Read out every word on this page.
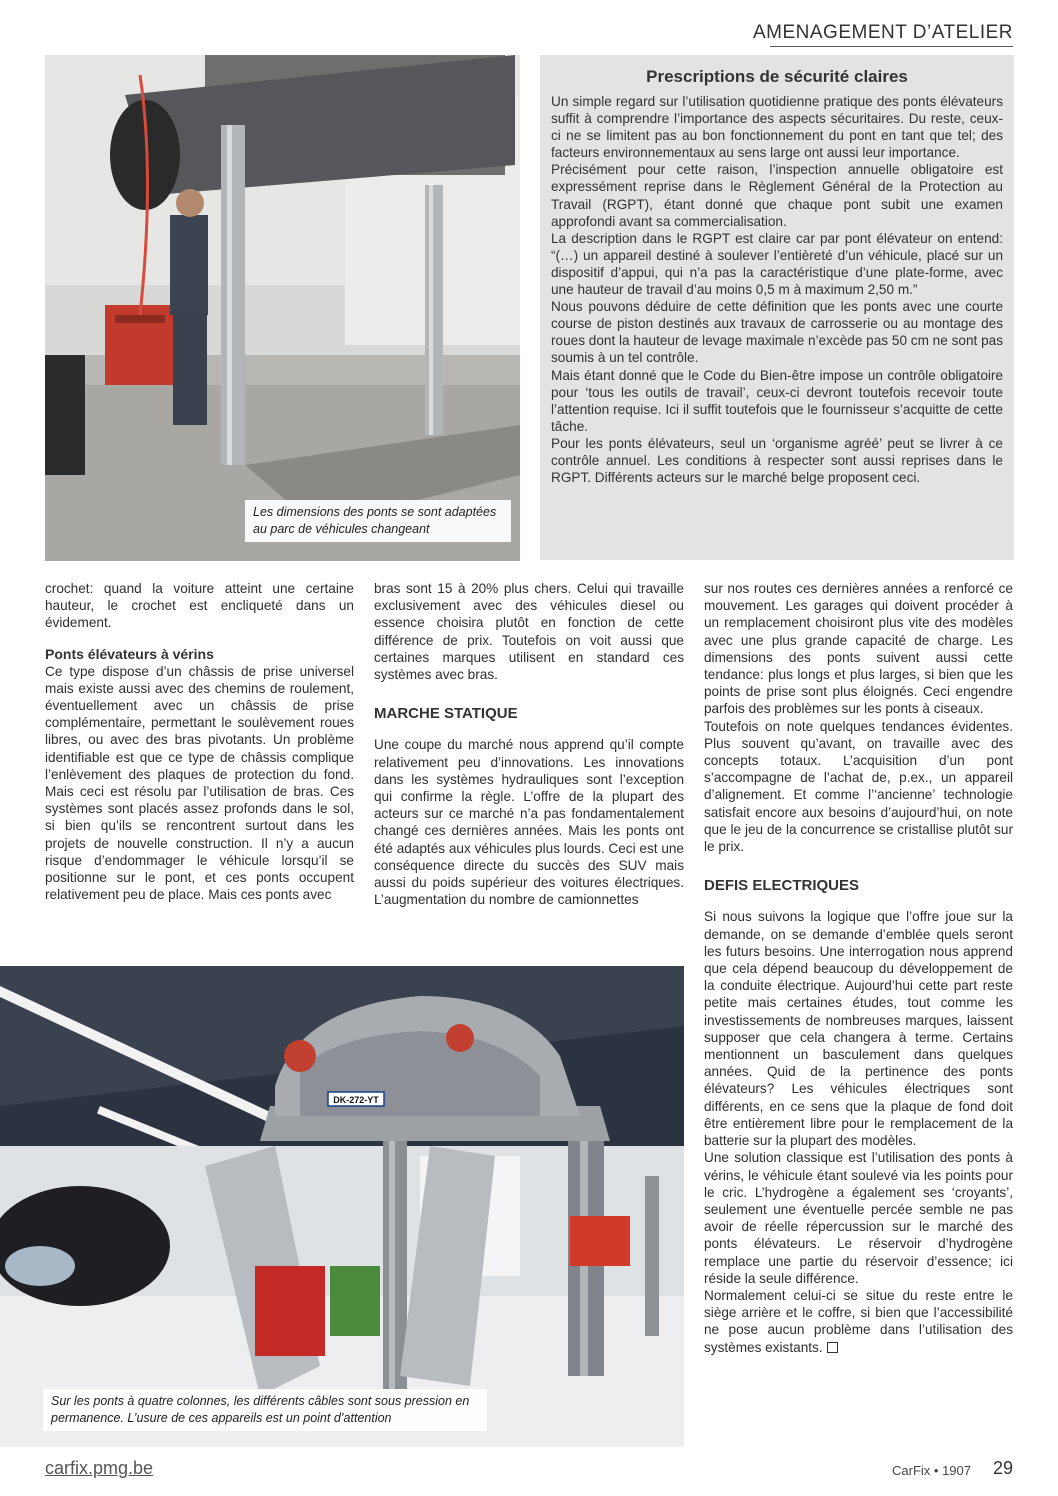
AMENAGEMENT D’ATELIER
Les dimensions des ponts se sont adaptées au parc de véhicules changeant
Prescriptions de sécurité claires

Un simple regard sur l’utilisation quotidienne pratique des ponts élévateurs suffit à comprendre l’importance des aspects sécuritaires. Du reste, ceux-ci ne se limitent pas au bon fonctionnement du pont en tant que tel; des facteurs environnementaux au sens large ont aussi leur importance.

Précisément pour cette raison, l’inspection annuelle obligatoire est expressément reprise dans le Règlement Général de la Protection au Travail (RGPT), étant donné que chaque pont subit une examen approfondi avant sa commercialisation.

La description dans le RGPT est claire car par pont élévateur on entend: “(…) un appareil destiné à soulever l’entièreté d’un véhicule, placé sur un dispositif d’appui, qui n’a pas la caractéristique d’une plate-forme, avec une hauteur de travail d’au moins 0,5 m à maximum 2,50 m.”

Nous pouvons déduire de cette définition que les ponts avec une courte course de piston destinés aux travaux de carrosserie ou au montage des roues dont la hauteur de levage maximale n’excède pas 50 cm ne sont pas soumis à un tel contrôle.

Mais étant donné que le Code du Bien-être impose un contrôle obligatoire pour ‘tous les outils de travail’, ceux-ci devront toutefois recevoir toute l’attention requise. Ici il suffit toutefois que le fournisseur s’acquitte de cette tâche.

Pour les ponts élévateurs, seul un ‘organisme agréé’ peut se livrer à ce contrôle annuel. Les conditions à respecter sont aussi reprises dans le RGPT. Différents acteurs sur le marché belge proposent ceci.

crochet: quand la voiture atteint une certaine hauteur, le crochet est encliqueté dans un évidement.

Ponts élévateurs à vérins

Ce type dispose d’un châssis de prise universel mais existe aussi avec des chemins de roulement, éventuellement avec un châssis de prise complémentaire, permettant le soulèvement roues libres, ou avec des bras pivotants. Un problème identifiable est que ce type de châssis complique l’enlèvement des plaques de protection du fond. Mais ceci est résolu par l’utilisation de bras. Ces systèmes sont placés assez profonds dans le sol, si bien qu’ils se rencontrent surtout dans les projets de nouvelle construction. Il n’y a aucun risque d’endommager le véhicule lorsqu’il se positionne sur le pont, et ces ponts occupent relativement peu de place. Mais ces ponts avec

bras sont 15 à 20% plus chers. Celui qui travaille exclusivement avec des véhicules diesel ou essence choisira plutôt en fonction de cette différence de prix. Toutefois on voit aussi que certaines marques utilisent en standard ces systèmes avec bras.

MARCHE STATIQUE

Une coupe du marché nous apprend qu’il compte relativement peu d’innovations. Les innovations dans les systèmes hydrauliques sont l’exception qui confirme la règle. L’offre de la plupart des acteurs sur ce marché n’a pas fondamentalement changé ces dernières années. Mais les ponts ont été adaptés aux véhicules plus lourds. Ceci est une conséquence directe du succès des SUV mais aussi du poids supérieur des voitures électriques. L’augmentation du nombre de camionnettes

sur nos routes ces dernières années a renforcé ce mouvement. Les garages qui doivent procéder à un remplacement choisiront plus vite des modèles avec une plus grande capacité de charge. Les dimensions des ponts suivent aussi cette tendance: plus longs et plus larges, si bien que les points de prise sont plus éloignés. Ceci engendre parfois des problèmes sur les ponts à ciseaux.

Toutefois on note quelques tendances évidentes. Plus souvent qu’avant, on travaille avec des concepts totaux. L’acquisition d’un pont s’accompagne de l’achat de, p.ex., un appareil d’alignement. Et comme l’‘ancienne’ technologie satisfait encore aux besoins d’aujourd’hui, on note que le jeu de la concurrence se cristallise plutôt sur le prix.

DEFIS ELECTRIQUES

Si nous suivons la logique que l’offre joue sur la demande, on se demande d’emblée quels seront les futurs besoins. Une interrogation nous apprend que cela dépend beaucoup du développement de la conduite électrique. Aujourd’hui cette part reste petite mais certaines études, tout comme les investissements de nombreuses marques, laissent supposer que cela changera à terme. Certains mentionnent un basculement dans quelques années. Quid de la pertinence des ponts élévateurs? Les véhicules électriques sont différents, en ce sens que la plaque de fond doit être entièrement libre pour le remplacement de la batterie sur la plupart des modèles.

Une solution classique est l’utilisation des ponts à vérins, le véhicule étant soulevé via les points pour le cric. L’hydrogène a également ses ‘croyants’, seulement une éventuelle percée semble ne pas avoir de réelle répercussion sur le marché des ponts élévateurs. Le réservoir d’hydrogène remplace une partie du réservoir d’essence; ici réside la seule différence.

Normalement celui-ci se situe du reste entre le siège arrière et le coffre, si bien que l’accessibilité ne pose aucun problème dans l’utilisation des systèmes existants.

DK-272-YT
Sur les ponts à quatre colonnes, les différents câbles sont sous pression en permanence. L’usure de ces appareils est un point d’attention
carfix.pmg.be	CarFix • 1907 29
